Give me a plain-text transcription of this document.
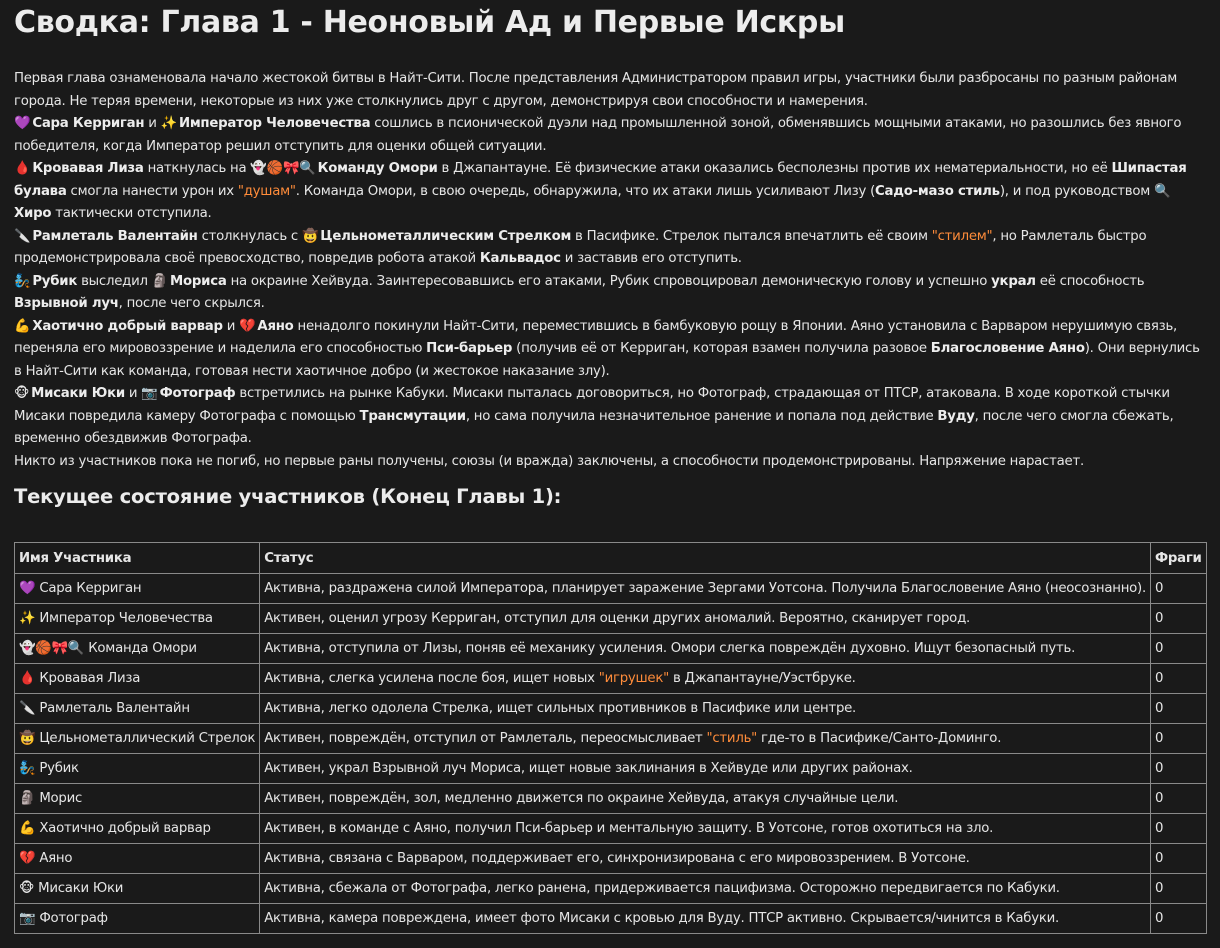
Сводка: Глава 1 - Неоновый Ад и Первые Искры

Первая глава ознаменовала начало жестокой битвы в Найт-Сити. После представления Администратором правил игры, участники были разбросаны по разным районам города. Не теряя времени, некоторые из них уже столкнулись друг с другом, демонстрируя свои способности и намерения.

💜 Сара Керриган и ✨ Император Человечества сошлись в псионической дуэли над промышленной зоной, обменявшись мощными атаками, но разошлись без явного победителя, когда Император решил отступить для оценки общей ситуации.

🩸 Кровавая Лиза наткнулась на 👻🏀🎀🔍 Команду Омори в Джапантауне. Её физические атаки оказались бесполезны против их нематериальности, но её Шипастая булава смогла нанести урон их "душам". Команда Омори, в свою очередь, обнаружила, что их атаки лишь усиливают Лизу (Садо-мазо стиль), и под руководством 🔍Хиро тактически отступила.

🔪 Рамлеталь Валентайн столкнулась с 🤠 Цельнометаллическим Стрелком в Пасифике. Стрелок пытался впечатлить её своим "стилем", но Рамлеталь быстро продемонстрировала своё превосходство, повредив робота атакой Кальвадос и заставив его отступить.

🧞 Рубик выследил 🗿 Мориса на окраине Хейвуда. Заинтересовавшись его атаками, Рубик спровоцировал демоническую голову и успешно украл её способность Взрывной луч, после чего скрылся.

💪 Хаотично добрый варвар и 💔 Аяно ненадолго покинули Найт-Сити, переместившись в бамбуковую рощу в Японии. Аяно установила с Варваром нерушимую связь, переняла его мировоззрение и наделила его способностью Пси-барьер (получив её от Керриган, которая взамен получила разовое Благословение Аяно). Они вернулись в Найт-Сити как команда, готовая нести хаотичное добро (и жестокое наказание злу).

🐵 Мисаки Юки и 📷 Фотограф встретились на рынке Кабуки. Мисаки пыталась договориться, но Фотограф, страдающая от ПТСР, атаковала. В ходе короткой стычки Мисаки повредила камеру Фотографа с помощью Трансмутации, но сама получила незначительное ранение и попала под действие Вуду, после чего смогла сбежать, временно обездвижив Фотографа.

Никто из участников пока не погиб, но первые раны получены, союзы (и вражда) заключены, а способности продемонстрированы. Напряжение нарастает.

Текущее состояние участников (Конец Главы 1):
Имя Участника	Статус	Фраги
💜 Сара Керриган	Активна, раздражена силой Императора, планирует заражение Зергами Уотсона. Получила Благословение Аяно (неосознанно).	0
✨ Император Человечества	Активен, оценил угрозу Керриган, отступил для оценки других аномалий. Вероятно, сканирует город.	0
👻🏀🎀🔍 Команда Омори	Активна, отступила от Лизы, поняв её механику усиления. Омори слегка повреждён духовно. Ищут безопасный путь.	0
🩸 Кровавая Лиза	Активна, слегка усилена после боя, ищет новых "игрушек" в Джапантауне/Уэстбруке.	0
🔪 Рамлеталь Валентайн	Активна, легко одолела Стрелка, ищет сильных противников в Пасифике или центре.	0
🤠 Цельнометаллический Стрелок	Активен, повреждён, отступил от Рамлеталь, переосмысливает "стиль" где-то в Пасифике/Санто-Доминго.	0
🧞 Рубик	Активен, украл Взрывной луч Мориса, ищет новые заклинания в Хейвуде или других районах.	0
🗿 Морис	Активен, повреждён, зол, медленно движется по окраине Хейвуда, атакуя случайные цели.	0
💪 Хаотично добрый варвар	Активен, в команде с Аяно, получил Пси-барьер и ментальную защиту. В Уотсоне, готов охотиться на зло.	0
💔 Аяно	Активна, связана с Варваром, поддерживает его, синхронизирована с его мировоззрением. В Уотсоне.	0
🐵 Мисаки Юки	Активна, сбежала от Фотографа, легко ранена, придерживается пацифизма. Осторожно передвигается по Кабуки.	0
📷 Фотограф	Активна, камера повреждена, имеет фото Мисаки с кровью для Вуду. ПТСР активно. Скрывается/чинится в Кабуки.	0
